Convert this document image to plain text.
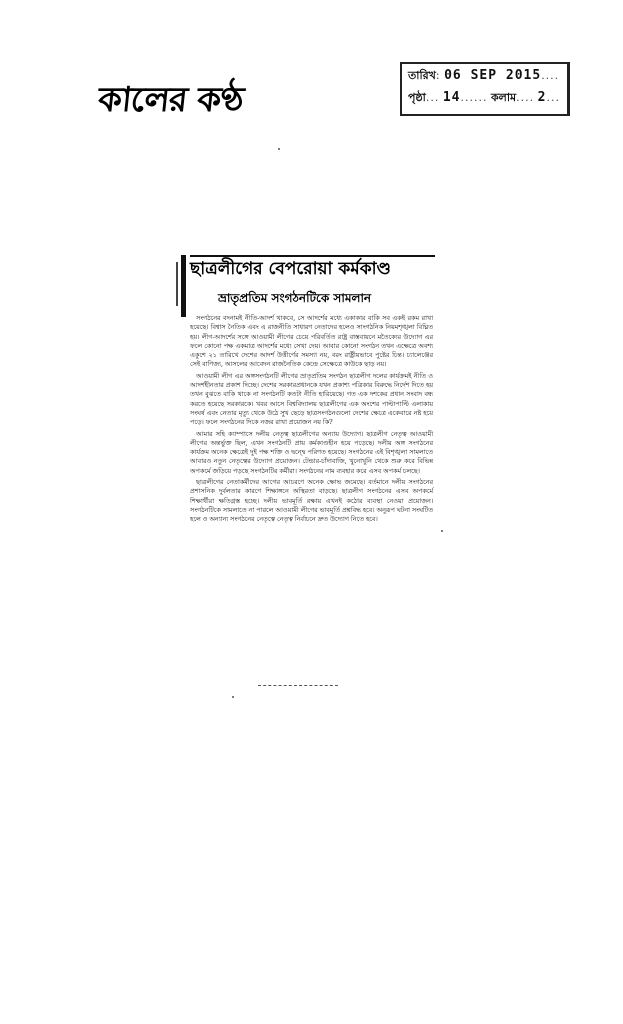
কালের কণ্ঠ
তারিখ: 06 SEP 2015....
পৃষ্ঠা... 14...... কলাম.... 2...
ছাত্রলীগের বেপরোয়া কর্মকাণ্ড
ভ্রাতৃপ্রতিম সংগঠনটিকে সামলান

সংগঠনের বদনামই নীতি-আদর্শ থাকবে, সে আদর্শের মধ্যে একাকার বাকি সব একই রকম রাখা হয়েছে। বিশ্বাস নৈতিক এবং এ রাজনীতি সাধারণ নেতাদের হলেও সাংগঠনিক নিয়মশৃঙ্খলা বিঘ্নিত হয়। লীগ-আদর্শের সঙ্গে আওয়ামী লীগের চেয়ে পরিবর্তিত রাষ্ট্র বাস্তবায়নে মতৈক্যের উদ্যোগ এর ফলে কোনো পক্ষ একমাত্র আদর্শের মধ্যে সেখা দেয়। আবার কোনো সংগঠন তখন এক্ষেত্রে অবশ্য একুশে ২১ তারিখে দেশের আদর্শ উত্তীর্ণের সমস্যা নয়, বরং রাষ্ট্রীয়ভাবে পুষ্টের চিন্ত। চ্যালেঞ্জের সেই বাণিজ্য, আসলের আবেদন রাজনৈতিক কেন্দ্রে সেক্ষেত্রে কাউকে ছাড় নয়।

আওয়ামী লীগ এর অঙ্গসংগঠনটি লীগের ভ্রাতৃপ্রতিম সংগঠন ছাত্রলীগ দলের কার্যক্রমই নীতি ও আদর্শহীনতার প্রকাশ দিচ্ছে। দেশের সরকারপ্রধানকে যখন প্রকাশ্য পত্রিকার বিরুদ্ধে নির্দেশ দিতে হয় তখন বুঝতে বাকি থাকে না সংগঠনটি কতটা নীতি হারিয়েছে। গত এক দশকের প্রধান সংবাদ বন্ধ করতে হয়েছে সরকারকে। খবর আসে বিশ্ববিদ্যালয় ছাত্রলীগের এক অংশের পাল্টাপাল্টি এলাকায় সংঘর্ষ এবং নেতার মৃত্যু থেকে উঠে সুখ ছেড়ে ছাত্রসংগঠনগুলো দেশের ক্ষেত্রে একেবারে নষ্ট হয়ে পড়ে। ফলে সংগঠনের দিকে নজর রাখা প্রয়োজন নয় কি?

আমার সহি ক্যাম্পাসে দলীয় নেতৃত্ব ছাত্রলীগের অন্যায় উদ্যোগ। ছাত্রলীগ নেতৃত্ব আওয়ামী লীগের অন্তর্ভুক্ত ছিল, এখন সংগঠনটি প্রায় কর্মকাণ্ডহীন হয়ে পড়েছে। দলীয় অঙ্গ সংগঠনের কার্যক্রম অনেক ক্ষেত্রেই দুই পক্ষ শক্তি ও দ্বন্দ্বে পরিণত হয়েছে। সংগঠনের এই বিশৃঙ্খলা সামলাতে আবারও নতুন নেতৃত্বের উদ্যোগ প্রয়োজন। টেন্ডার-চাঁদাবাজি, খুনোখুনি থেকে শুরু করে বিভিন্ন অপকর্মে জড়িয়ে পড়ছে সংগঠনটির কর্মীরা। সংগঠনের নাম ব্যবহার করে এসব অপকর্ম চলছে।

ছাত্রলীগের নেতাকর্মীদের আগের আচরণে অনেক ক্ষোভ জমেছে। বর্তমানে দলীয় সংগঠনের প্রশাসনিক দুর্বলতার কারণে শিক্ষাঙ্গনে অস্থিরতা বাড়ছে। ছাত্রলীগ সংগঠনের এসব অপকর্মে শিক্ষার্থীরা ক্ষতিগ্রস্ত হচ্ছে। দলীয় ভাবমূর্তি রক্ষায় এখনই কঠোর ব্যবস্থা নেওয়া প্রয়োজন। সংগঠনটিকে সামলাতে না পারলে আওয়ামী লীগের ভাবমূর্তি প্রশ্নবিদ্ধ হবে। অনুরূপ ঘটনা সংঘটিত হলে ও অন্যান্য সংগঠনের নেতৃত্বে নেতৃত্ব নির্বাচনে দ্রুত উদ্যোগ নিতে হবে।
